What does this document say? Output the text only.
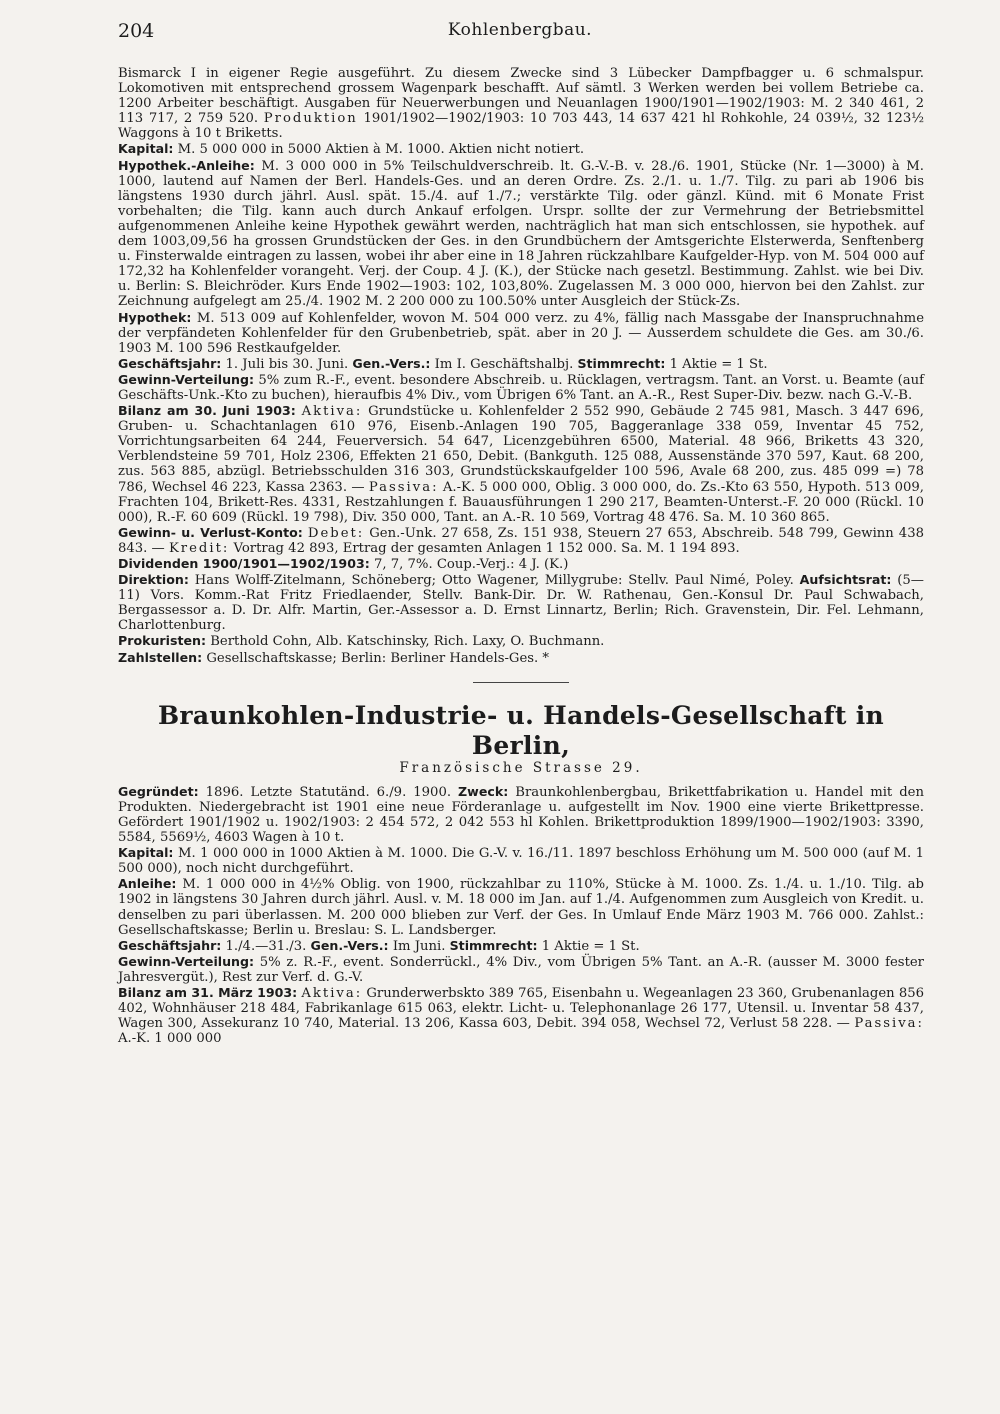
204	Kohlenbergbau.

Bismarck I in eigener Regie ausgeführt. Zu diesem Zwecke sind 3 Lübecker Dampfbagger u. 6 schmalspur. Lokomotiven mit entsprechend grossem Wagenpark beschafft. Auf sämtl. 3 Werken werden bei vollem Betriebe ca. 1200 Arbeiter beschäftigt. Ausgaben für Neuerwerbungen und Neuanlagen 1900/1901—1902/1903: M. 2 340 461, 2 113 717, 2 759 520. Produktion 1901/1902—1902/1903: 10 703 443, 14 637 421 hl Rohkohle, 24 039½, 32 123½ Waggons à 10 t Briketts.

Kapital: M. 5 000 000 in 5000 Aktien à M. 1000. Aktien nicht notiert.

Hypothek.-Anleihe: M. 3 000 000 in 5% Teilschuldverschreib. lt. G.-V.-B. v. 28./6. 1901, Stücke (Nr. 1—3000) à M. 1000, lautend auf Namen der Berl. Handels-Ges. und an deren Ordre. Zs. 2./1. u. 1./7. Tilg. zu pari ab 1906 bis längstens 1930 durch jährl. Ausl. spät. 15./4. auf 1./7.; verstärkte Tilg. oder gänzl. Künd. mit 6 Monate Frist vorbehalten; die Tilg. kann auch durch Ankauf erfolgen. Urspr. sollte der zur Vermehrung der Betriebsmittel aufgenommenen Anleihe keine Hypothek gewährt werden, nachträglich hat man sich entschlossen, sie hypothek. auf dem 1003,09,56 ha grossen Grundstücken der Ges. in den Grundbüchern der Amtsgerichte Elsterwerda, Senftenberg u. Finsterwalde eintragen zu lassen, wobei ihr aber eine in 18 Jahren rückzahlbare Kaufgelder-Hyp. von M. 504 000 auf 172,32 ha Kohlenfelder vorangeht. Verj. der Coup. 4 J. (K.), der Stücke nach gesetzl. Bestimmung. Zahlst. wie bei Div. u. Berlin: S. Bleichröder. Kurs Ende 1902—1903: 102, 103,80%. Zugelassen M. 3 000 000, hiervon bei den Zahlst. zur Zeichnung aufgelegt am 25./4. 1902 M. 2 200 000 zu 100.50% unter Ausgleich der Stück-Zs.

Hypothek: M. 513 009 auf Kohlenfelder, wovon M. 504 000 verz. zu 4%, fällig nach Massgabe der Inanspruchnahme der verpfändeten Kohlenfelder für den Grubenbetrieb, spät. aber in 20 J. — Ausserdem schuldete die Ges. am 30./6. 1903 M. 100 596 Restkaufgelder.

Geschäftsjahr: 1. Juli bis 30. Juni. Gen.-Vers.: Im I. Geschäftshalbj. Stimmrecht: 1 Aktie = 1 St.

Gewinn-Verteilung: 5% zum R.-F., event. besondere Abschreib. u. Rücklagen, vertragsm. Tant. an Vorst. u. Beamte (auf Geschäfts-Unk.-Kto zu buchen), hieraufbis 4% Div., vom Übrigen 6% Tant. an A.-R., Rest Super-Div. bezw. nach G.-V.-B.

Bilanz am 30. Juni 1903: Aktiva: Grundstücke u. Kohlenfelder 2 552 990, Gebäude 2 745 981, Masch. 3 447 696, Gruben- u. Schachtanlagen 610 976, Eisenb.-Anlagen 190 705, Baggeranlage 338 059, Inventar 45 752, Vorrichtungsarbeiten 64 244, Feuerversich. 54 647, Licenzgebühren 6500, Material. 48 966, Briketts 43 320, Verblendsteine 59 701, Holz 2306, Effekten 21 650, Debit. (Bankguth. 125 088, Aussenstände 370 597, Kaut. 68 200, zus. 563 885, abzügl. Betriebsschulden 316 303, Grundstückskaufgelder 100 596, Avale 68 200, zus. 485 099 =) 78 786, Wechsel 46 223, Kassa 2363. — Passiva: A.-K. 5 000 000, Oblig. 3 000 000, do. Zs.-Kto 63 550, Hypoth. 513 009, Frachten 104, Brikett-Res. 4331, Restzahlungen f. Bauausführungen 1 290 217, Beamten-Unterst.-F. 20 000 (Rückl. 10 000), R.-F. 60 609 (Rückl. 19 798), Div. 350 000, Tant. an A.-R. 10 569, Vortrag 48 476. Sa. M. 10 360 865.

Gewinn- u. Verlust-Konto: Debet: Gen.-Unk. 27 658, Zs. 151 938, Steuern 27 653, Abschreib. 548 799, Gewinn 438 843. — Kredit: Vortrag 42 893, Ertrag der gesamten Anlagen 1 152 000. Sa. M. 1 194 893.

Dividenden 1900/1901—1902/1903: 7, 7, 7%. Coup.-Verj.: 4 J. (K.)

Direktion: Hans Wolff-Zitelmann, Schöneberg; Otto Wagener, Millygrube: Stellv. Paul Nimé, Poley. Aufsichtsrat: (5—11) Vors. Komm.-Rat Fritz Friedlaender, Stellv. Bank-Dir. Dr. W. Rathenau, Gen.-Konsul Dr. Paul Schwabach, Bergassessor a. D. Dr. Alfr. Martin, Ger.-Assessor a. D. Ernst Linnartz, Berlin; Rich. Gravenstein, Dir. Fel. Lehmann, Charlottenburg.

Prokuristen: Berthold Cohn, Alb. Katschinsky, Rich. Laxy, O. Buchmann.

Zahlstellen: Gesellschaftskasse; Berlin: Berliner Handels-Ges. *

Braunkohlen-Industrie- u. Handels-Gesellschaft in Berlin,
Französische Strasse 29.

Gegründet: 1896. Letzte Statutänd. 6./9. 1900. Zweck: Braunkohlenbergbau, Brikettfabrikation u. Handel mit den Produkten. Niedergebracht ist 1901 eine neue Förderanlage u. aufgestellt im Nov. 1900 eine vierte Brikettpresse. Gefördert 1901/1902 u. 1902/1903: 2 454 572, 2 042 553 hl Kohlen. Brikettproduktion 1899/1900—1902/1903: 3390, 5584, 5569½, 4603 Wagen à 10 t.

Kapital: M. 1 000 000 in 1000 Aktien à M. 1000. Die G.-V. v. 16./11. 1897 beschloss Erhöhung um M. 500 000 (auf M. 1 500 000), noch nicht durchgeführt.

Anleihe: M. 1 000 000 in 4½% Oblig. von 1900, rückzahlbar zu 110%, Stücke à M. 1000. Zs. 1./4. u. 1./10. Tilg. ab 1902 in längstens 30 Jahren durch jährl. Ausl. v. M. 18 000 im Jan. auf 1./4. Aufgenommen zum Ausgleich von Kredit. u. denselben zu pari überlassen. M. 200 000 blieben zur Verf. der Ges. In Umlauf Ende März 1903 M. 766 000. Zahlst.: Gesellschaftskasse; Berlin u. Breslau: S. L. Landsberger.

Geschäftsjahr: 1./4.—31./3. Gen.-Vers.: Im Juni. Stimmrecht: 1 Aktie = 1 St.

Gewinn-Verteilung: 5% z. R.-F., event. Sonderrückl., 4% Div., vom Übrigen 5% Tant. an A.-R. (ausser M. 3000 fester Jahresvergüt.), Rest zur Verf. d. G.-V.

Bilanz am 31. März 1903: Aktiva: Grunderwerbskto 389 765, Eisenbahn u. Wegeanlagen 23 360, Grubenanlagen 856 402, Wohnhäuser 218 484, Fabrikanlage 615 063, elektr. Licht- u. Telephonanlage 26 177, Utensil. u. Inventar 58 437, Wagen 300, Assekuranz 10 740, Material. 13 206, Kassa 603, Debit. 394 058, Wechsel 72, Verlust 58 228. — Passiva: A.-K. 1 000 000
